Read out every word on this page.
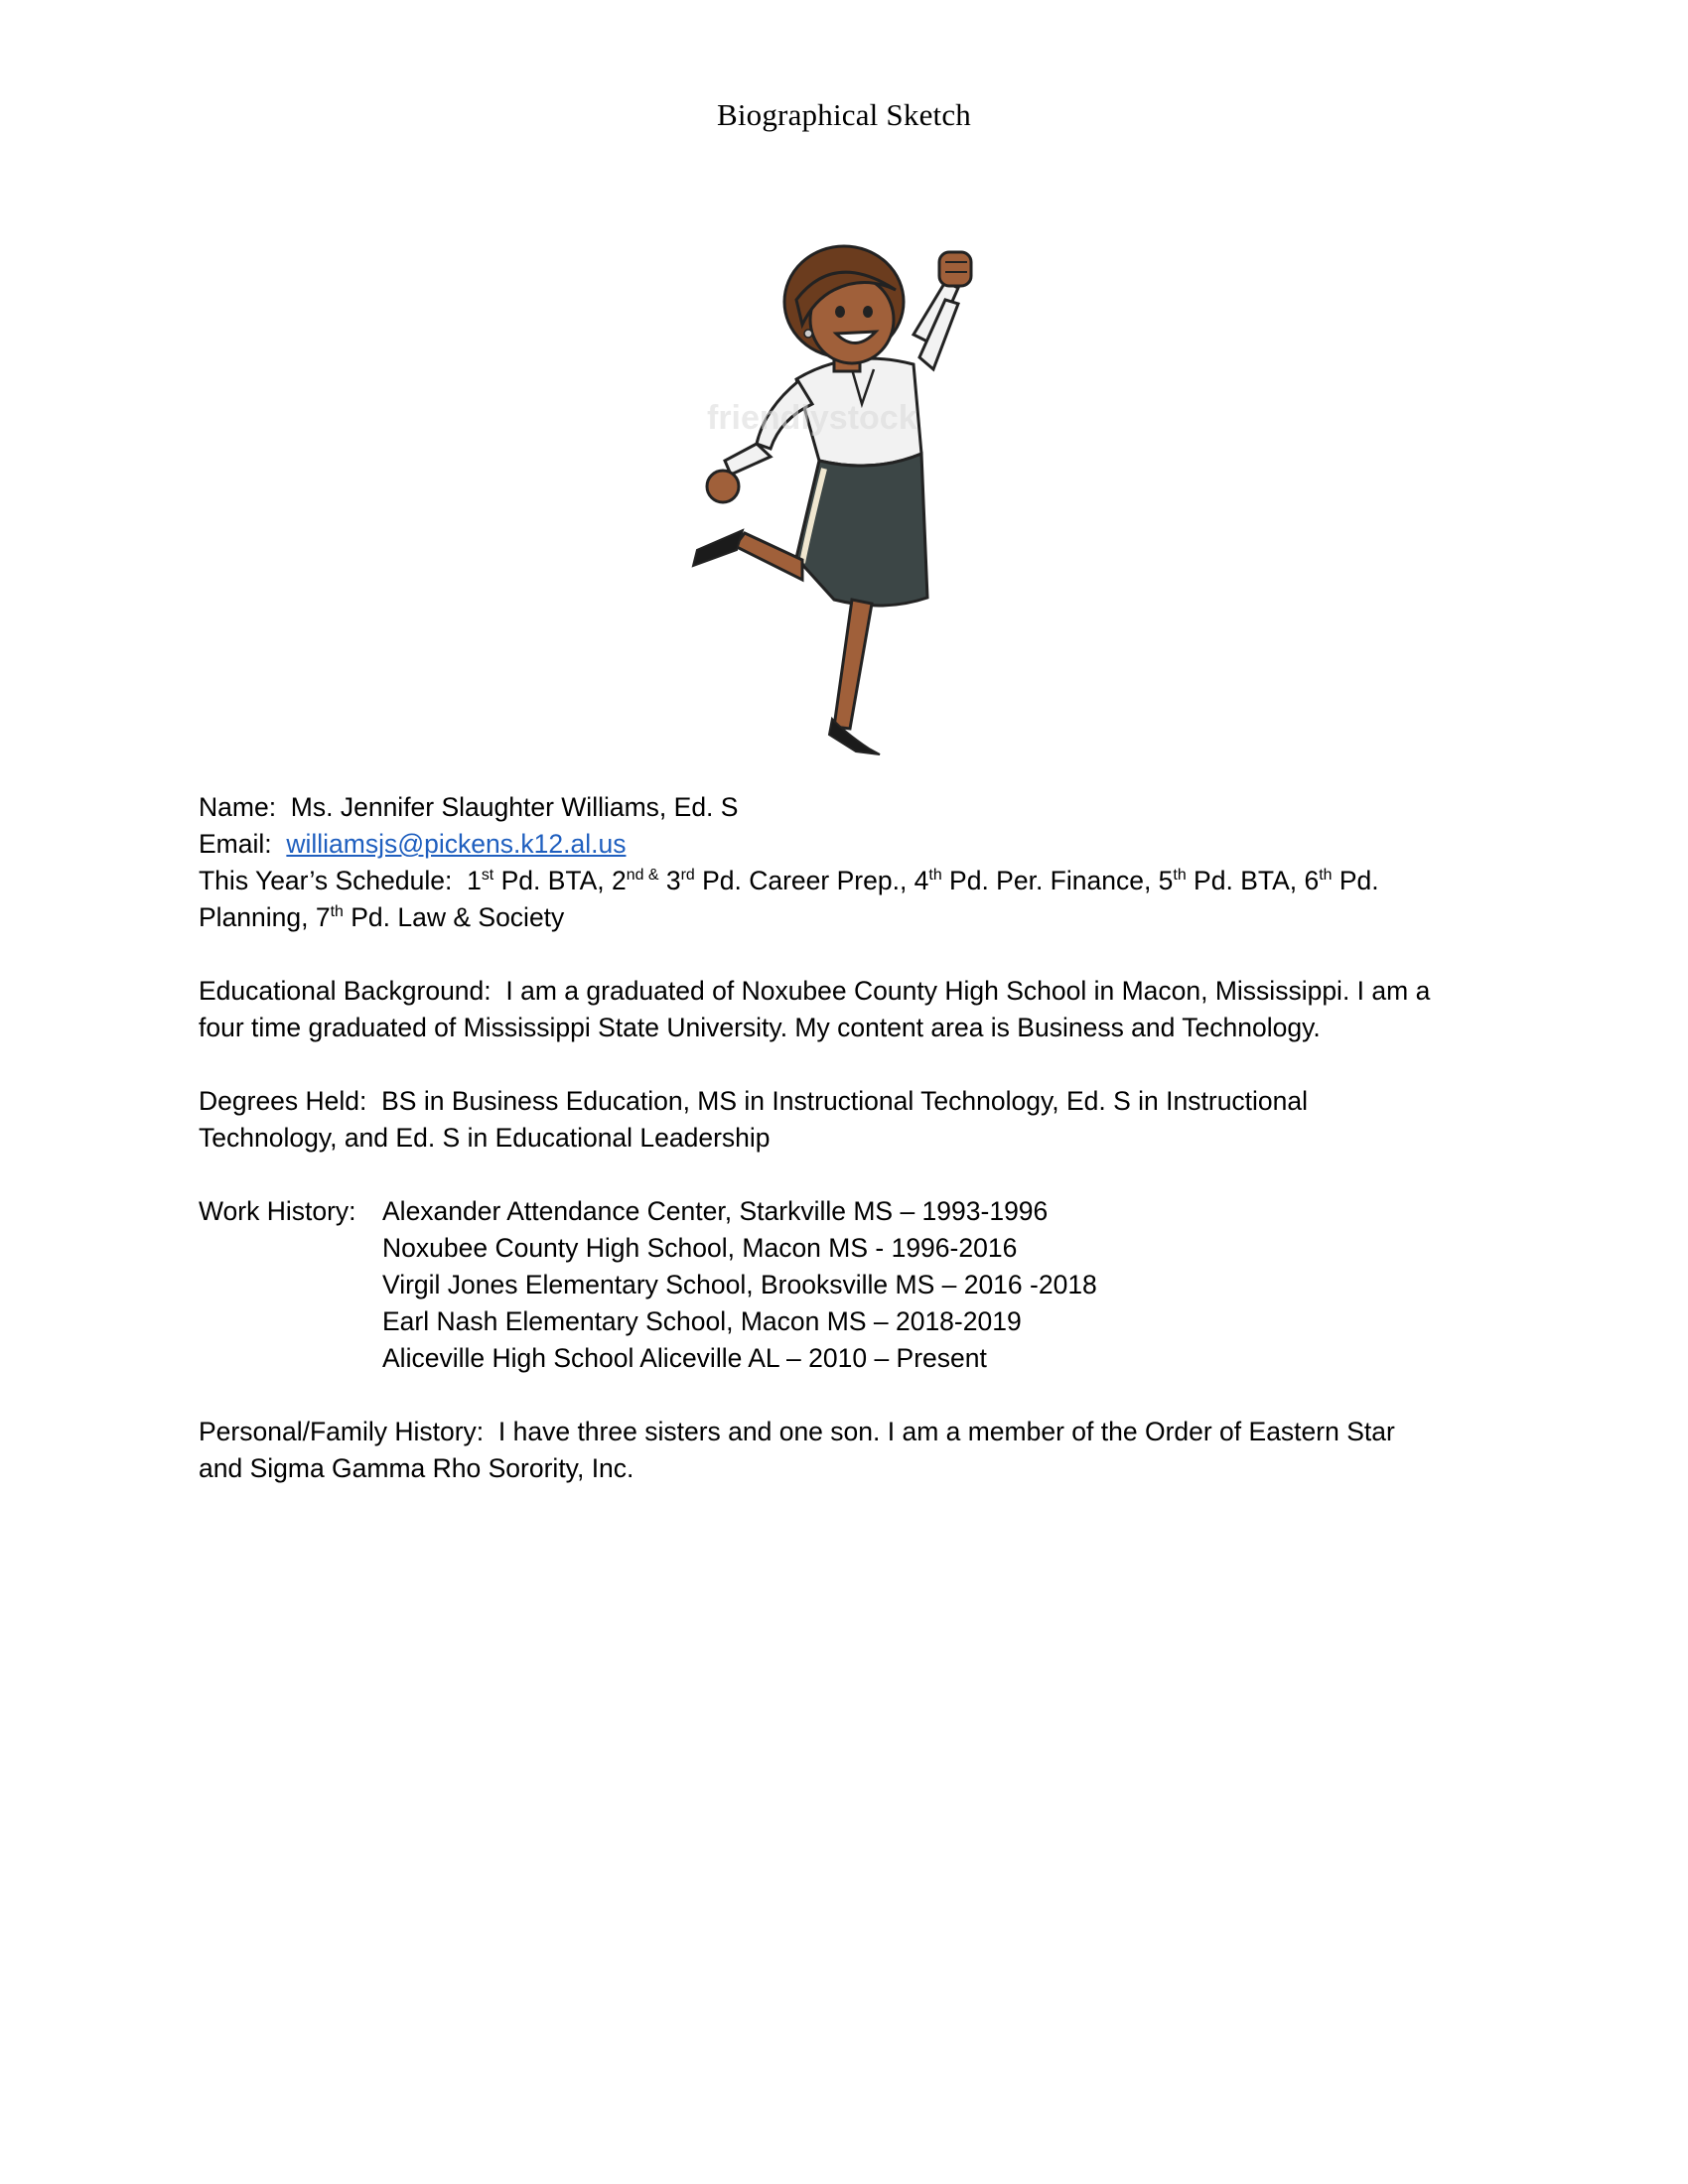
Biographical Sketch
friendlystock
Name: Ms. Jennifer Slaughter Williams, Ed. S
Email: williamsjs@pickens.k12.al.us
This Year’s Schedule: 1st Pd. BTA, $2^{nd \&}$ 3rd Pd. Career Prep., 4th Pd. Per. Finance, 5th Pd. BTA, 6th Pd.
Planning, 7th Pd. Law & Society
Educational Background: I am a graduated of Noxubee County High School in Macon, Mississippi. I am a
four time graduated of Mississippi State University. My content area is Business and Technology.
Degrees Held: BS in Business Education, MS in Instructional Technology, Ed. S in Instructional
Technology, and Ed. S in Educational Leadership
Work History: Alexander Attendance Center, Starkville MS – 1993-1996
Noxubee County High School, Macon MS - 1996-2016
Virgil Jones Elementary School, Brooksville MS – 2016 -2018
Earl Nash Elementary School, Macon MS – 2018-2019
Aliceville High School Aliceville AL – 2010 – Present
Personal/Family History: I have three sisters and one son. I am a member of the Order of Eastern Star
and Sigma Gamma Rho Sorority, Inc.
